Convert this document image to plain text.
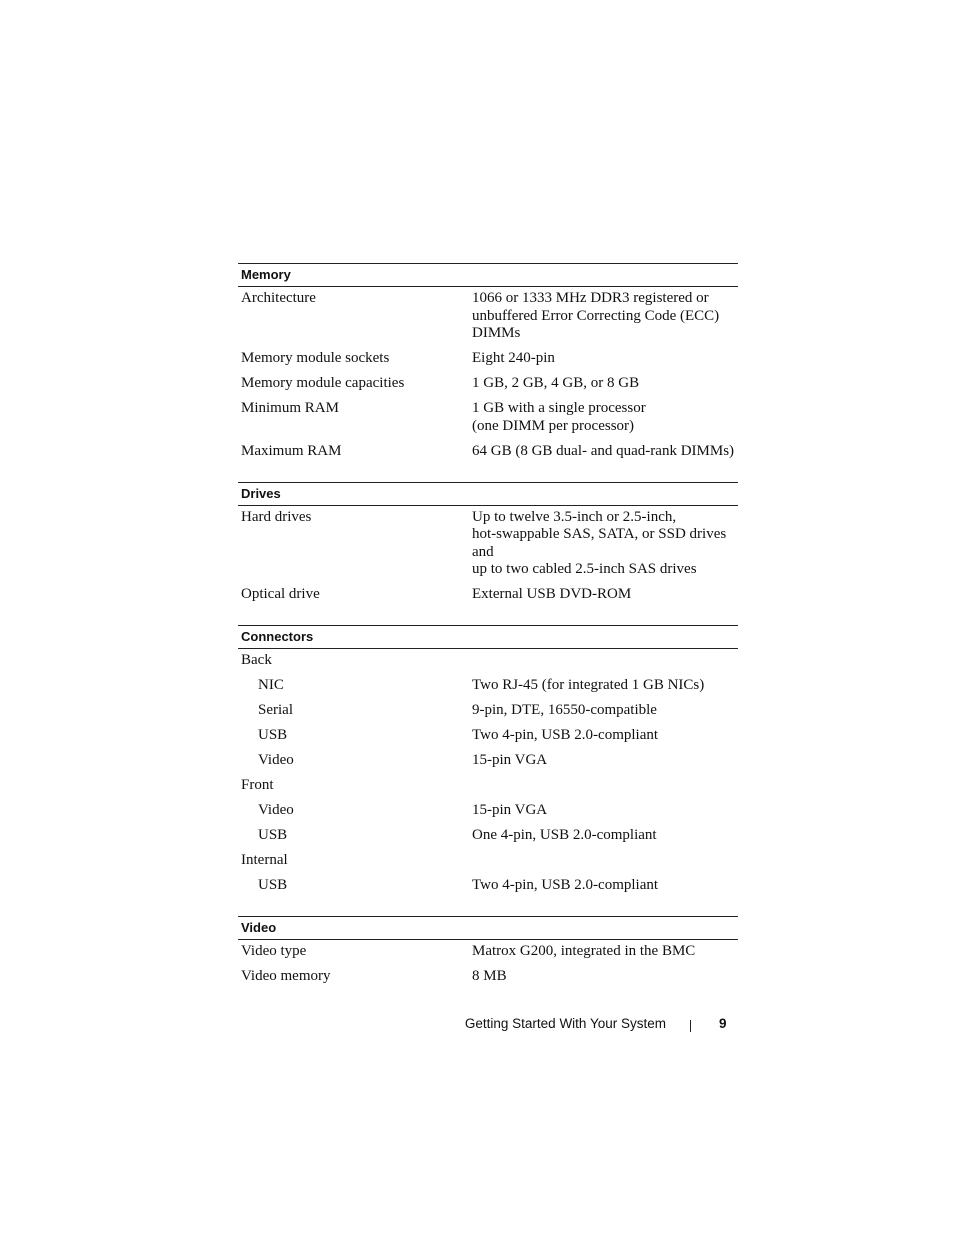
Memory
Architecture	1066 or 1333 MHz DDR3 registered or
unbuffered Error Correcting Code (ECC)
DIMMs
Memory module sockets	Eight 240-pin
Memory module capacities	1 GB, 2 GB, 4 GB, or 8 GB
Minimum RAM	1 GB with a single processor
(one DIMM per processor)
Maximum RAM	64 GB (8 GB dual- and quad-rank DIMMs)
Drives
Hard drives	Up to twelve 3.5-inch or 2.5-inch,
hot-swappable SAS, SATA, or SSD drives and
up to two cabled 2.5-inch SAS drives
Optical drive	External USB DVD-ROM
Connectors
Back
NIC	Two RJ-45 (for integrated 1 GB NICs)
Serial	9-pin, DTE, 16550-compatible
USB	Two 4-pin, USB 2.0-compliant
Video	15-pin VGA
Front
Video	15-pin VGA
USB	One 4-pin, USB 2.0-compliant
Internal
USB	Two 4-pin, USB 2.0-compliant
Video
Video type	Matrox G200, integrated in the BMC
Video memory	8 MB
Getting Started With Your System	9
